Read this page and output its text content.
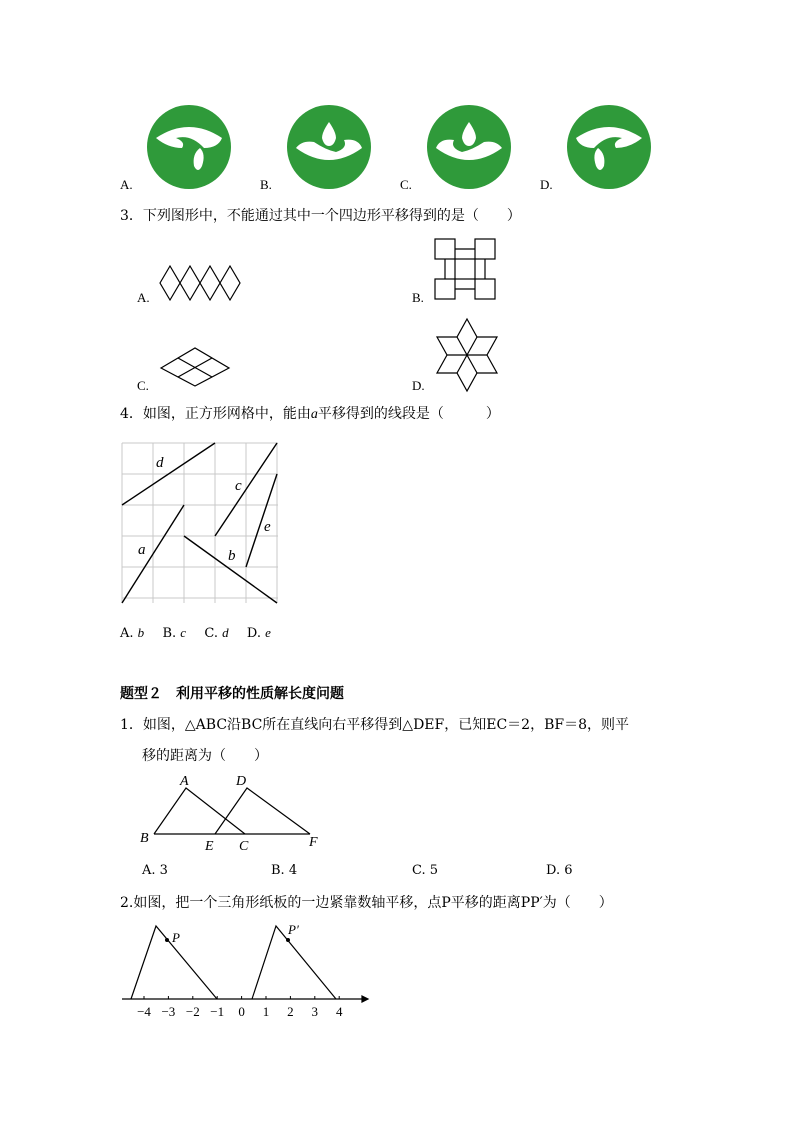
A.	B.	C.	D.
3．下列图形中，不能通过其中一个四边形平移得到的是（　　）
A.	B.
C.	D.
4．如图，正方形网格中，能由a平移得到的线段是（　　　）
d
c
e
a	b
A. b B. c C. d D. e
题型２　利用平移的性质解长度问题
1．如图，△ABC沿BC所在直线向右平移得到△DEF，已知EC＝2，BF＝8，则平
移的距离为（　　）
A	D
B
E C	F
A. 3	B. 4	C. 5	D. 6
2.如图，把一个三角形纸板的一边紧靠数轴平移，点P平移的距离PP′为（　　）
P
P′
−4 −3 −2 −1 0 1 2 3 4
